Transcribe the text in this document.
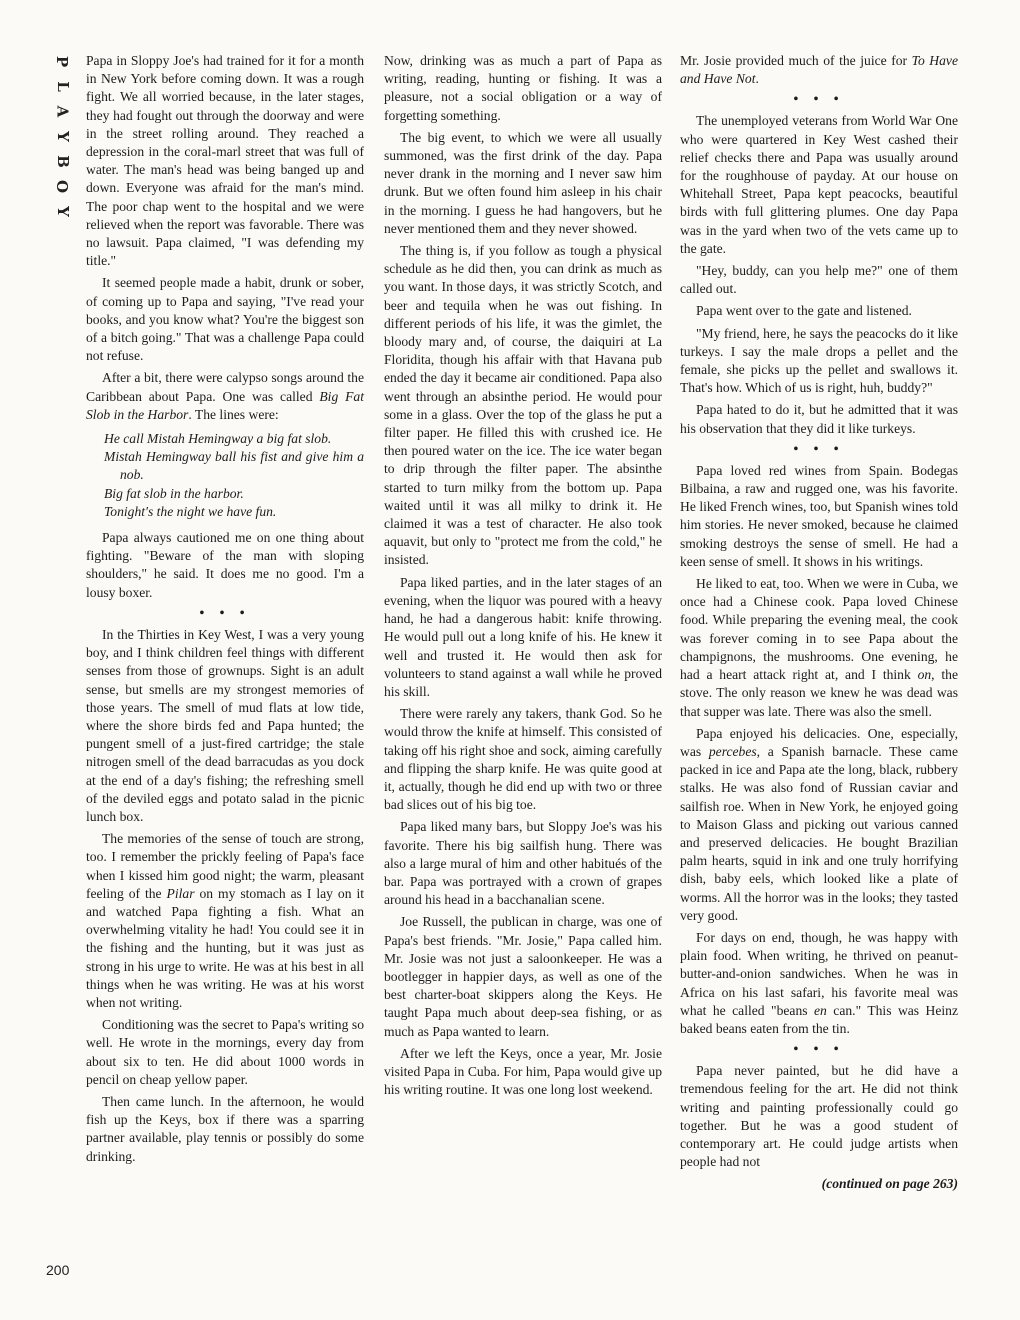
P
L
A
Y
B
O
Y
200

Papa in Sloppy Joe's had trained for it for a month in New York before coming down. It was a rough fight. We all worried because, in the later stages, they had fought out through the doorway and were in the street rolling around. They reached a depression in the coral-marl street that was full of water. The man's head was being banged up and down. Everyone was afraid for the man's mind. The poor chap went to the hospital and we were relieved when the report was favorable. There was no lawsuit. Papa claimed, "I was defending my title."

It seemed people made a habit, drunk or sober, of coming up to Papa and saying, "I've read your books, and you know what? You're the biggest son of a bitch going." That was a challenge Papa could not refuse.

After a bit, there were calypso songs around the Caribbean about Papa. One was called Big Fat Slob in the Harbor. The lines were:

He call Mistah Hemingway a big fat slob.
Mistah Hemingway ball his fist and give him a nob.
Big fat slob in the harbor.
Tonight's the night we have fun.

Papa always cautioned me on one thing about fighting. "Beware of the man with sloping shoulders," he said. It does me no good. I'm a lousy boxer.

• • •

In the Thirties in Key West, I was a very young boy, and I think children feel things with different senses from those of grownups. Sight is an adult sense, but smells are my strongest memories of those years. The smell of mud flats at low tide, where the shore birds fed and Papa hunted; the pungent smell of a just-fired cartridge; the stale nitrogen smell of the dead barracudas as you dock at the end of a day's fishing; the refreshing smell of the deviled eggs and potato salad in the picnic lunch box.

The memories of the sense of touch are strong, too. I remember the prickly feeling of Papa's face when I kissed him good night; the warm, pleasant feeling of the Pilar on my stomach as I lay on it and watched Papa fighting a fish. What an overwhelming vitality he had! You could see it in the fishing and the hunting, but it was just as strong in his urge to write. He was at his best in all things when he was writing. He was at his worst when not writing.

Conditioning was the secret to Papa's writing so well. He wrote in the mornings, every day from about six to ten. He did about 1000 words in pencil on cheap yellow paper.

Then came lunch. In the afternoon, he would fish up the Keys, box if there was a sparring partner available, play tennis or possibly do some drinking.

Now, drinking was as much a part of Papa as writing, reading, hunting or fishing. It was a pleasure, not a social obligation or a way of forgetting something.

The big event, to which we were all usually summoned, was the first drink of the day. Papa never drank in the morning and I never saw him drunk. But we often found him asleep in his chair in the morning. I guess he had hangovers, but he never mentioned them and they never showed.

The thing is, if you follow as tough a physical schedule as he did then, you can drink as much as you want. In those days, it was strictly Scotch, and beer and tequila when he was out fishing. In different periods of his life, it was the gimlet, the bloody mary and, of course, the daiquiri at La Floridita, though his affair with that Havana pub ended the day it became air conditioned. Papa also went through an absinthe period. He would pour some in a glass. Over the top of the glass he put a filter paper. He filled this with crushed ice. He then poured water on the ice. The ice water began to drip through the filter paper. The absinthe started to turn milky from the bottom up. Papa waited until it was all milky to drink it. He claimed it was a test of character. He also took aquavit, but only to "protect me from the cold," he insisted.

Papa liked parties, and in the later stages of an evening, when the liquor was poured with a heavy hand, he had a dangerous habit: knife throwing. He would pull out a long knife of his. He knew it well and trusted it. He would then ask for volunteers to stand against a wall while he proved his skill.

There were rarely any takers, thank God. So he would throw the knife at himself. This consisted of taking off his right shoe and sock, aiming carefully and flipping the sharp knife. He was quite good at it, actually, though he did end up with two or three bad slices out of his big toe.

Papa liked many bars, but Sloppy Joe's was his favorite. There his big sailfish hung. There was also a large mural of him and other habitués of the bar. Papa was portrayed with a crown of grapes around his head in a bacchanalian scene.

Joe Russell, the publican in charge, was one of Papa's best friends. "Mr. Josie," Papa called him. Mr. Josie was not just a saloonkeeper. He was a bootlegger in happier days, as well as one of the best charter-boat skippers along the Keys. He taught Papa much about deep-sea fishing, or as much as Papa wanted to learn.

After we left the Keys, once a year, Mr. Josie visited Papa in Cuba. For him, Papa would give up his writing routine. It was one long lost weekend.

Mr. Josie provided much of the juice for To Have and Have Not.

• • •

The unemployed veterans from World War One who were quartered in Key West cashed their relief checks there and Papa was usually around for the roughhouse of payday. At our house on Whitehall Street, Papa kept peacocks, beautiful birds with full glittering plumes. One day Papa was in the yard when two of the vets came up to the gate.

"Hey, buddy, can you help me?" one of them called out.

Papa went over to the gate and listened.

"My friend, here, he says the peacocks do it like turkeys. I say the male drops a pellet and the female, she picks up the pellet and swallows it. That's how. Which of us is right, huh, buddy?"

Papa hated to do it, but he admitted that it was his observation that they did it like turkeys.

• • •

Papa loved red wines from Spain. Bodegas Bilbaina, a raw and rugged one, was his favorite. He liked French wines, too, but Spanish wines told him stories. He never smoked, because he claimed smoking destroys the sense of smell. He had a keen sense of smell. It shows in his writings.

He liked to eat, too. When we were in Cuba, we once had a Chinese cook. Papa loved Chinese food. While preparing the evening meal, the cook was forever coming in to see Papa about the champignons, the mushrooms. One evening, he had a heart attack right at, and I think on, the stove. The only reason we knew he was dead was that supper was late. There was also the smell.

Papa enjoyed his delicacies. One, especially, was percebes, a Spanish barnacle. These came packed in ice and Papa ate the long, black, rubbery stalks. He was also fond of Russian caviar and sailfish roe. When in New York, he enjoyed going to Maison Glass and picking out various canned and preserved delicacies. He bought Brazilian palm hearts, squid in ink and one truly horrifying dish, baby eels, which looked like a plate of worms. All the horror was in the looks; they tasted very good.

For days on end, though, he was happy with plain food. When writing, he thrived on peanut-butter-and-onion sandwiches. When he was in Africa on his last safari, his favorite meal was what he called "beans en can." This was Heinz baked beans eaten from the tin.

• • •

Papa never painted, but he did have a tremendous feeling for the art. He did not think writing and painting professionally could go together. But he was a good student of contemporary art. He could judge artists when people had not

(continued on page 263)
